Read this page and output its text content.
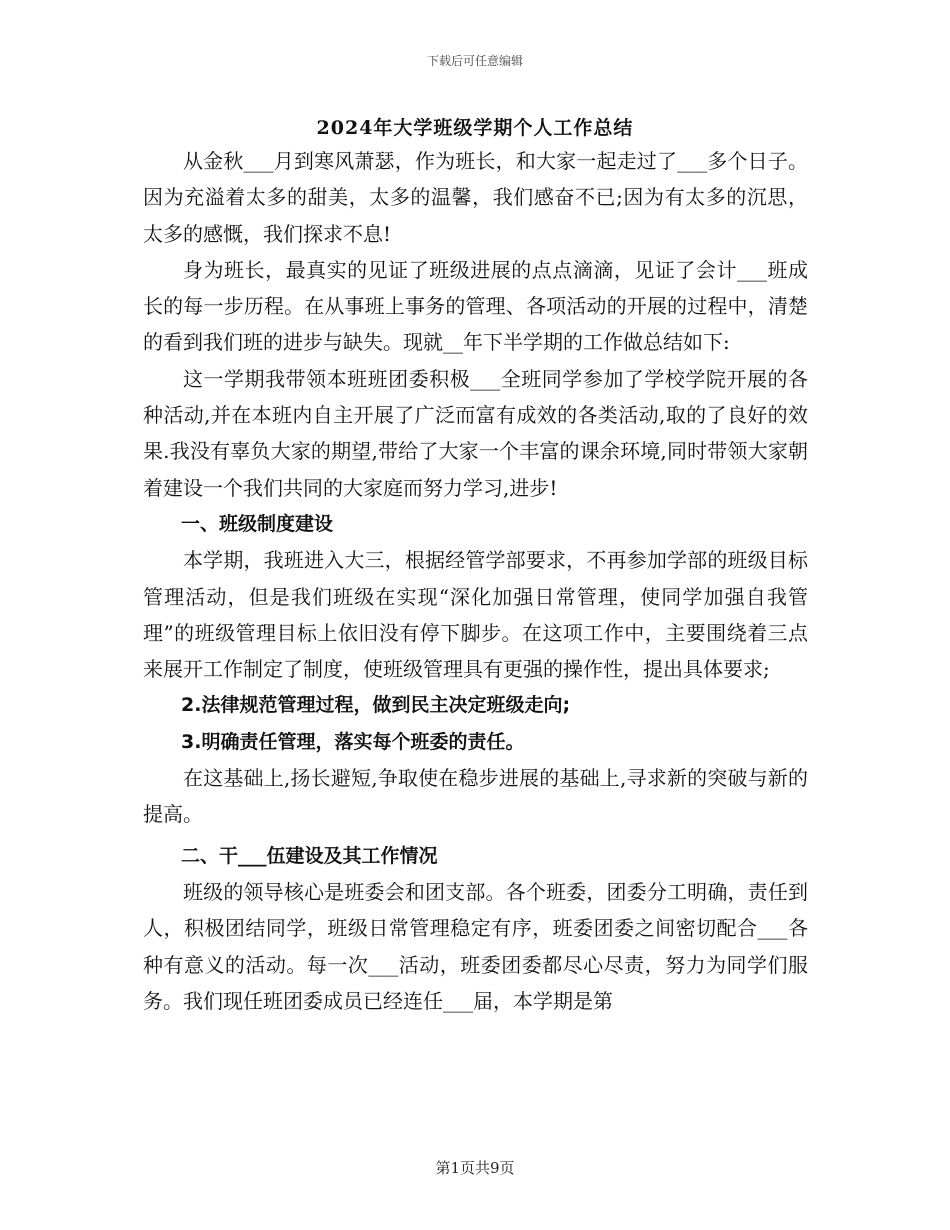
下载后可任意编辑
2024年大学班级学期个人工作总结

从金秋___月到寒风萧瑟，作为班长，和大家一起走过了___多个日子。因为充溢着太多的甜美，太多的温馨，我们感奋不已;因为有太多的沉思，太多的感慨，我们探求不息!

身为班长，最真实的见证了班级进展的点点滴滴，见证了会计___班成长的每一步历程。在从事班上事务的管理、各项活动的开展的过程中，清楚的看到我们班的进步与缺失。现就__年下半学期的工作做总结如下:

这一学期我带领本班班团委积极___全班同学参加了学校学院开展的各种活动,并在本班内自主开展了广泛而富有成效的各类活动,取的了良好的效果.我没有辜负大家的期望,带给了大家一个丰富的课余环境,同时带领大家朝着建设一个我们共同的大家庭而努力学习,进步!

一、班级制度建设

本学期，我班进入大三，根据经管学部要求，不再参加学部的班级目标管理活动，但是我们班级在实现“深化加强日常管理，使同学加强自我管理”的班级管理目标上依旧没有停下脚步。在这项工作中，主要围绕着三点来展开工作制定了制度，使班级管理具有更强的操作性，提出具体要求;

2.法律规范管理过程，做到民主决定班级走向;

3.明确责任管理，落实每个班委的责任。

在这基础上,扬长避短,争取使在稳步进展的基础上,寻求新的突破与新的提高。

二、干___伍建设及其工作情况

班级的领导核心是班委会和团支部。各个班委，团委分工明确，责任到人，积极团结同学，班级日常管理稳定有序，班委团委之间密切配合___各种有意义的活动。每一次___活动，班委团委都尽心尽责，努力为同学们服务。我们现任班团委成员已经连任___届，本学期是第

第1页共9页
